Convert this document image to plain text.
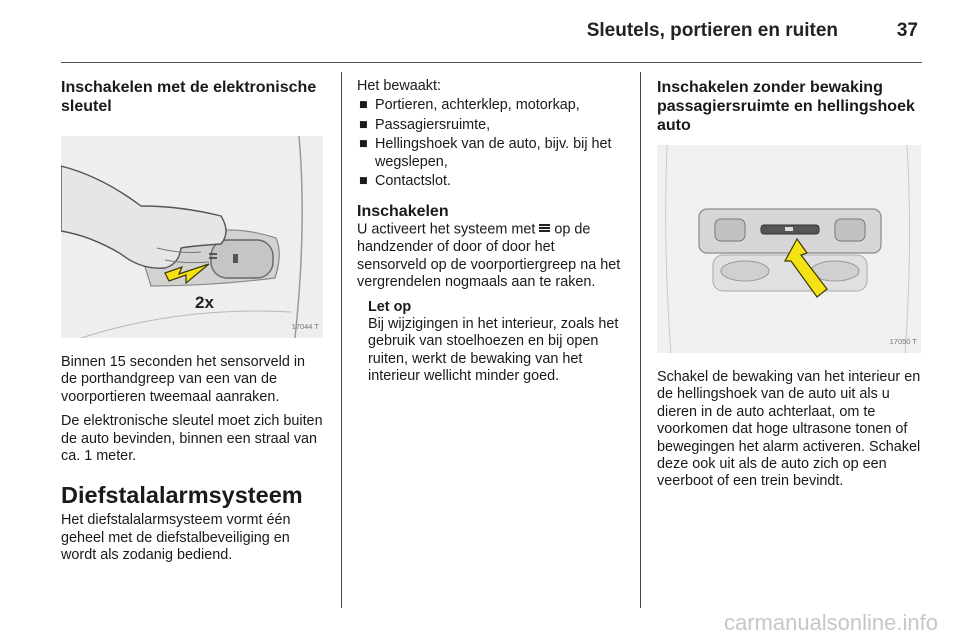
Sleutels, portieren en ruiten	37
Inschakelen met de elektronische sleutel
2x
17044 T

Binnen 15 seconden het sensorveld in de porthandgreep van een van de voorportieren tweemaal aanraken.

De elektronische sleutel moet zich buiten de auto bevinden, binnen een straal van ca. 1 meter.

Diefstalalarmsysteem

Het diefstalalarmsysteem vormt één geheel met de diefstalbeveiliging en wordt als zodanig bediend.

Het bewaakt:

■ Portieren, achterklep, motorkap,
■ Passagiersruimte,
■ Hellingshoek van de auto, bijv. bij het wegslepen,
■ Contactslot.
Inschakelen

U activeert het systeem met op de handzender of door of door het sensorveld op de voorportiergreep na het vergrendelen nogmaals aan te raken.

Let op

Bij wijzigingen in het interieur, zoals het gebruik van stoelhoezen en bij open ruiten, werkt de bewaking van het interieur wellicht minder goed.

Inschakelen zonder bewaking passagiersruimte en hellingshoek auto
17050 T

Schakel de bewaking van het interieur en de hellingshoek van de auto uit als u dieren in de auto achterlaat, om te voorkomen dat hoge ultrasone tonen of bewegingen het alarm activeren. Schakel deze ook uit als de auto zich op een veerboot of een trein bevindt.

carmanualsonline.info
